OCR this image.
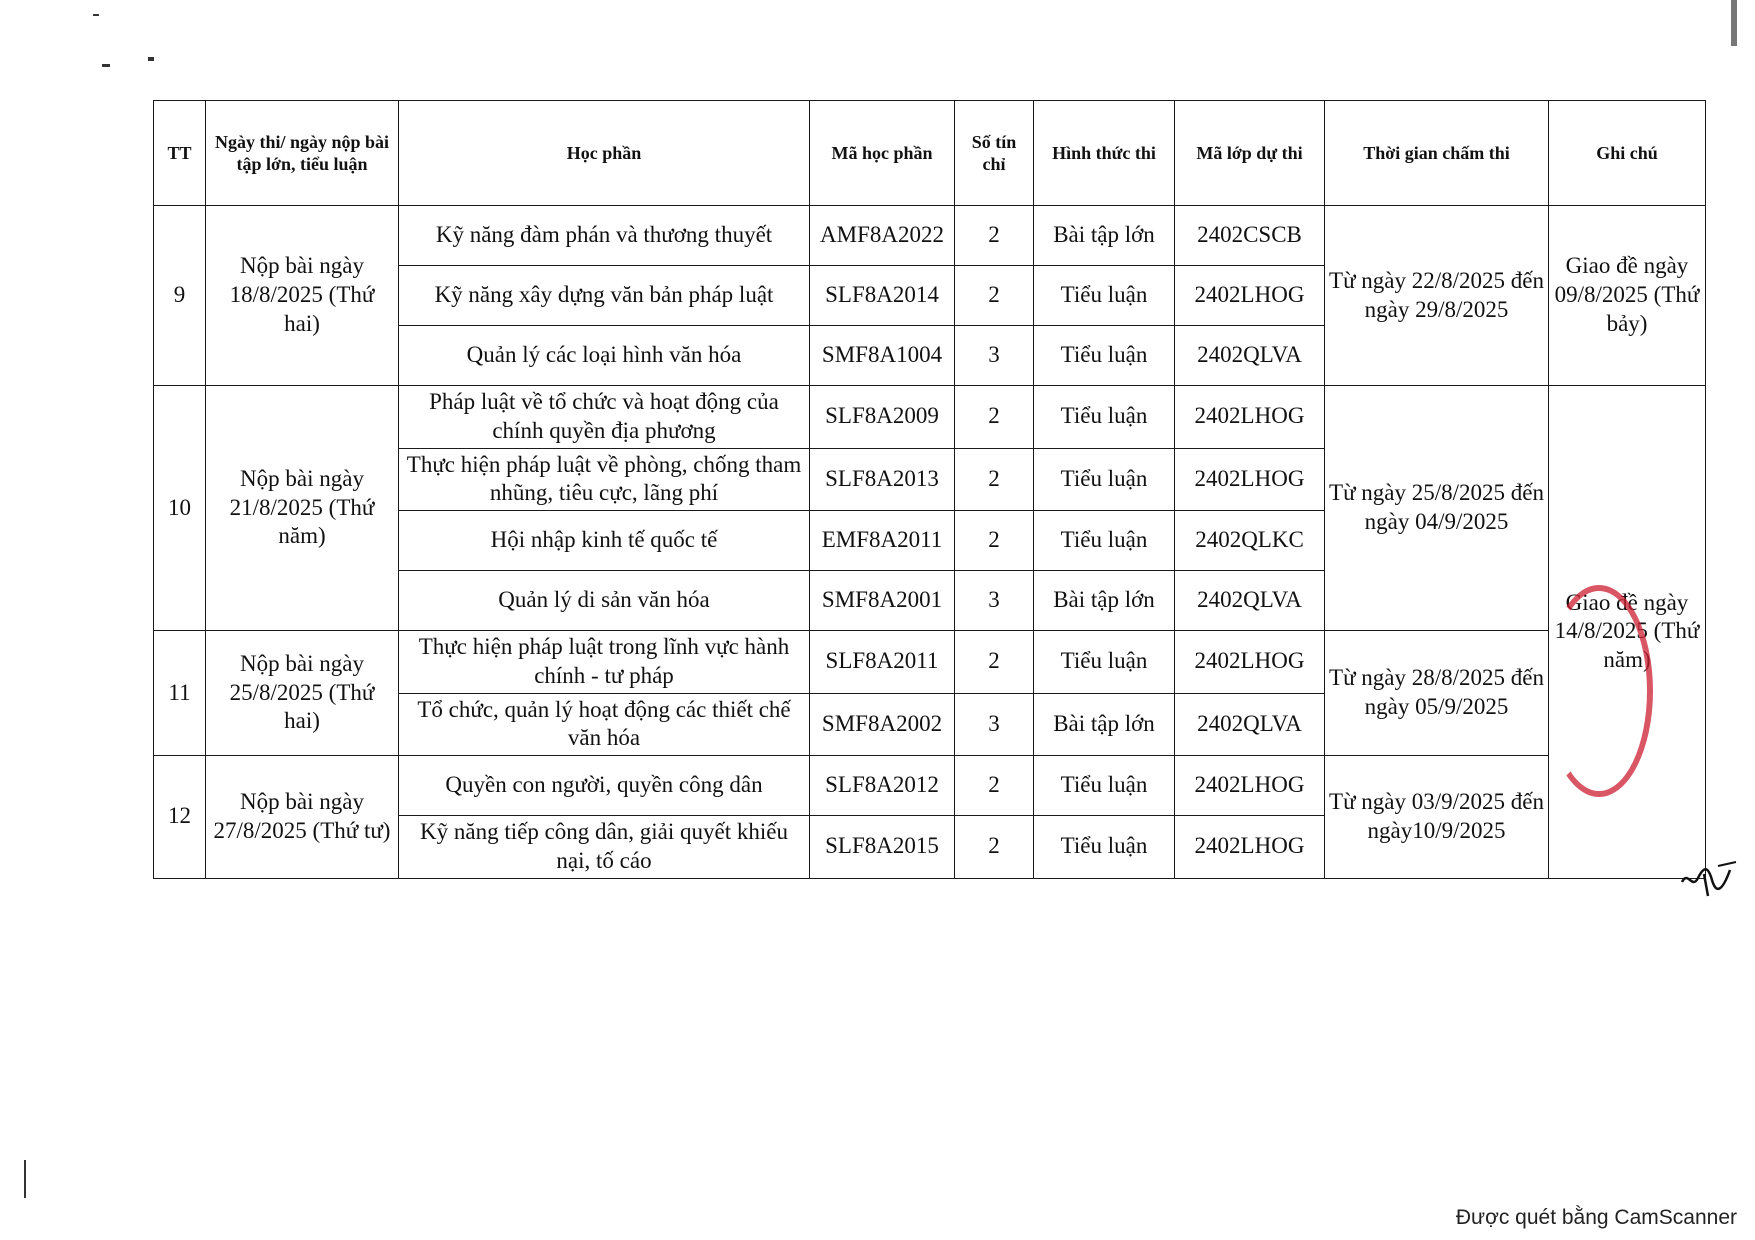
TT	Ngày thi/ ngày nộp bài tập lớn, tiểu luận	Học phần	Mã học phần	Số tín chỉ	Hình thức thi	Mã lớp dự thi	Thời gian chấm thi	Ghi chú
9	Nộp bài ngày 18/8/2025 (Thứ hai)	Kỹ năng đàm phán và thương thuyết	AMF8A2022	2	Bài tập lớn	2402CSCB	Từ ngày 22/8/2025 đến ngày 29/8/2025	Giao đề ngày 09/8/2025 (Thứ bảy)
		Kỹ năng xây dựng văn bản pháp luật	SLF8A2014	2	Tiểu luận	2402LHOG		
		Quản lý các loại hình văn hóa	SMF8A1004	3	Tiểu luận	2402QLVA		
10	Nộp bài ngày 21/8/2025 (Thứ năm)	Pháp luật về tổ chức và hoạt động của chính quyền địa phương	SLF8A2009	2	Tiểu luận	2402LHOG	Từ ngày 25/8/2025 đến ngày 04/9/2025	Giao đề ngày 14/8/2025 (Thứ năm)
		Thực hiện pháp luật về phòng, chống tham nhũng, tiêu cực, lãng phí	SLF8A2013	2	Tiểu luận	2402LHOG		
		Hội nhập kinh tế quốc tế	EMF8A2011	2	Tiểu luận	2402QLKC		
		Quản lý di sản văn hóa	SMF8A2001	3	Bài tập lớn	2402QLVA		
11	Nộp bài ngày 25/8/2025 (Thứ hai)	Thực hiện pháp luật trong lĩnh vực hành chính - tư pháp	SLF8A2011	2	Tiểu luận	2402LHOG	Từ ngày 28/8/2025 đến ngày 05/9/2025	
		Tổ chức, quản lý hoạt động các thiết chế văn hóa	SMF8A2002	3	Bài tập lớn	2402QLVA		
12	Nộp bài ngày 27/8/2025 (Thứ tư)	Quyền con người, quyền công dân	SLF8A2012	2	Tiểu luận	2402LHOG	Từ ngày 03/9/2025 đến ngày10/9/2025	
		Kỹ năng tiếp công dân, giải quyết khiếu nại, tố cáo	SLF8A2015	2	Tiểu luận	2402LHOG		
Được quét bằng CamScanner
